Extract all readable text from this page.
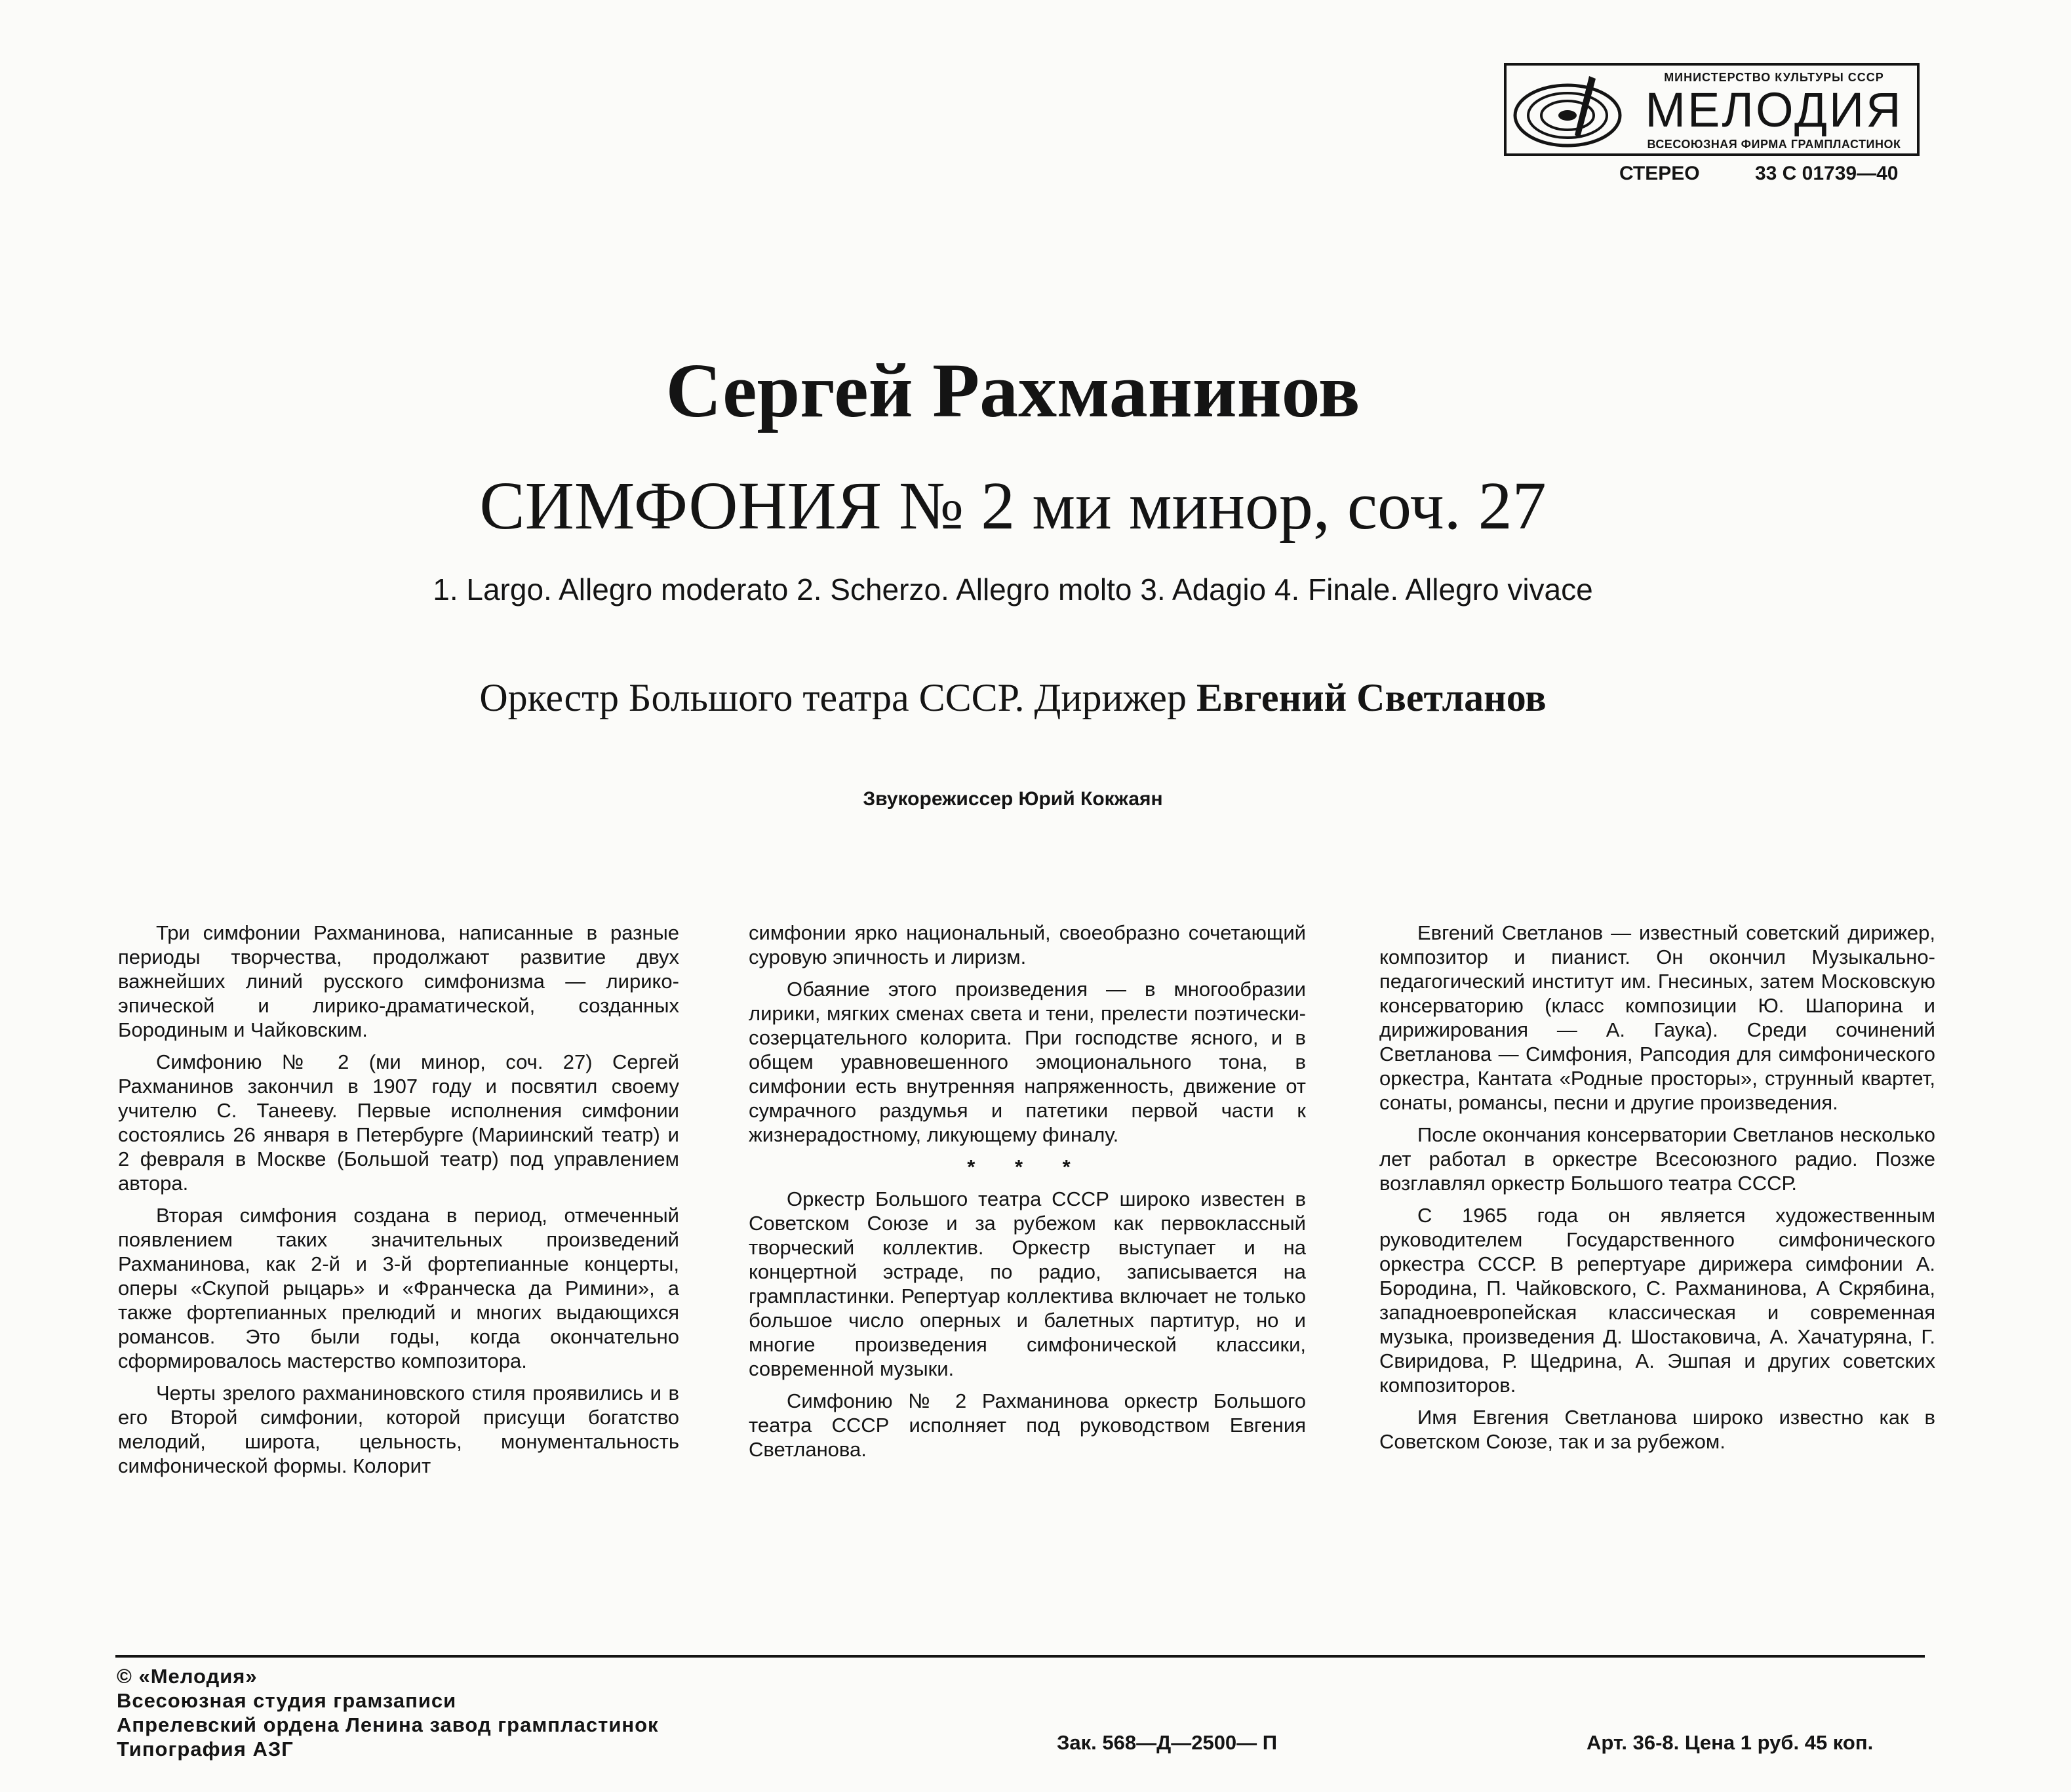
МИНИСТЕРСТВО КУЛЬТУРЫ СССР
МЕЛОДИЯ
ВСЕСОЮЗНАЯ ФИРМА ГРАМПЛАСТИНОК
СТЕРЕО	33 С 01739—40
Сергей Рахманинов
СИМФОНИЯ № 2 ми минор, соч. 27
1. Largo. Allegro moderato 2. Scherzo. Allegro molto 3. Adagio 4. Finale. Allegro vivace
Оркестр Большого театра СССР. Дирижер Евгений Светланов
Звукорежиссер Юрий Кокжаян

Три симфонии Рахманинова, написанные в разные периоды творчества, продолжают развитие двух важнейших линий русского симфонизма — лирико-эпической и лирико-драматической, созданных Бородиным и Чайковским.

Симфонию № 2 (ми минор, соч. 27) Сергей Рахманинов закончил в 1907 году и посвятил своему учителю С. Танееву. Первые исполнения симфонии состоялись 26 января в Петербурге (Мариинский театр) и 2 февраля в Москве (Большой театр) под управлением автора.

Вторая симфония создана в период, отмеченный появлением таких значительных произведений Рахманинова, как 2-й и 3-й фортепианные концерты, оперы «Скупой рыцарь» и «Франческа да Римини», а также фортепианных прелюдий и многих выдающихся романсов. Это были годы, когда окончательно сформировалось мастерство композитора.

Черты зрелого рахманиновского стиля проявились и в его Второй симфонии, которой присущи богатство мелодий, широта, цельность, монументальность симфонической формы. Колорит

симфонии ярко национальный, своеобразно сочетающий суровую эпичность и лиризм.

Обаяние этого произведения — в многообразии лирики, мягких сменах света и тени, прелести поэтически-созерцательного колорита. При господстве ясного, и в общем уравновешенного эмоционального тона, в симфонии есть внутренняя напряженность, движение от сумрачного раздумья и патетики первой части к жизнерадостному, ликующему финалу.

* * *

Оркестр Большого театра СССР широко известен в Советском Союзе и за рубежом как первоклассный творческий коллектив. Оркестр выступает и на концертной эстраде, по радио, записывается на грампластинки. Репертуар коллектива включает не только большое число оперных и балетных партитур, но и многие произведения симфонической классики, современной музыки.

Симфонию № 2 Рахманинова оркестр Большого театра СССР исполняет под руководством Евгения Светланова.

Евгений Светланов — известный советский дирижер, композитор и пианист. Он окончил Музыкально-педагогический институт им. Гнесиных, затем Московскую консерваторию (класс композиции Ю. Шапорина и дирижирования — А. Гаука). Среди сочинений Светланова — Симфония, Рапсодия для симфонического оркестра, Кантата «Родные просторы», струнный квартет, сонаты, романсы, песни и другие произведения.

После окончания консерватории Светланов несколько лет работал в оркестре Всесоюзного радио. Позже возглавлял оркестр Большого театра СССР.

С 1965 года он является художественным руководителем Государственного симфонического оркестра СССР. В репертуаре дирижера симфонии А. Бородина, П. Чайковского, С. Рахманинова, А Скрябина, западноевропейская классическая и современная музыка, произведения Д. Шостаковича, А. Хачатуряна, Г. Свиридова, Р. Щедрина, А. Эшпая и других советских композиторов.

Имя Евгения Светланова широко известно как в Советском Союзе, так и за рубежом.

© «Мелодия»
Всесоюзная студия грамзаписи
Апрелевский ордена Ленина завод грампластинок
Типография АЗГ	Зак. 568—Д—2500— П	Арт. 36-8. Цена 1 руб. 45 коп.
